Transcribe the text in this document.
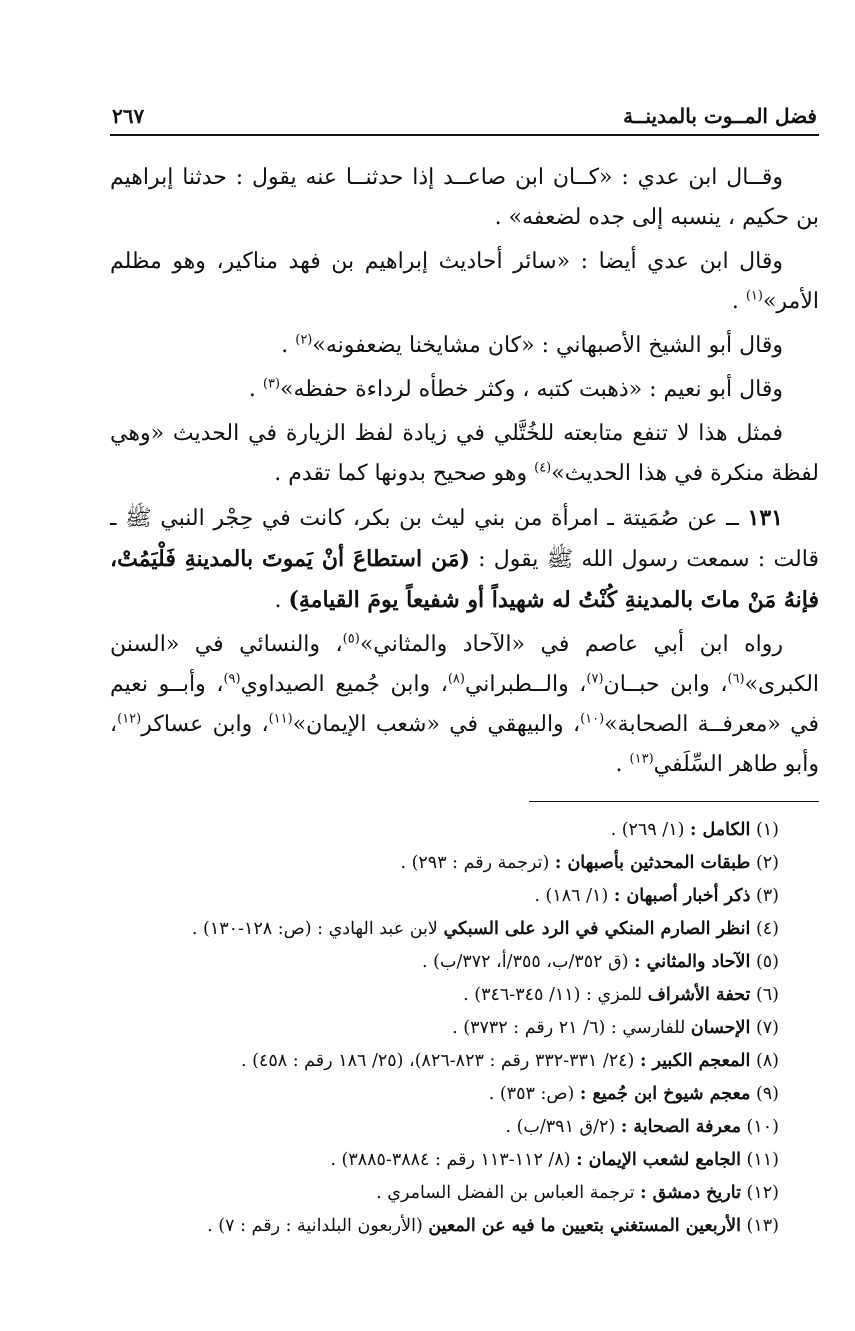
فضل المــوت بالمدينــة
٢٦٧

وقــال ابن عدي : «كــان ابن صاعــد إذا حدثنــا عنه يقول : حدثنا إبراهيم بن حكيم ، ينسبه إلى جده لضعفه» .

وقال ابن عدي أيضا : «سائر أحاديث إبراهيم بن فهد مناكير، وهو مظلم الأمر»$^{(١)}$ .

وقال أبو الشيخ الأصبهاني : «كان مشايخنا يضعفونه»$^{(٢)}$ .

وقال أبو نعيم : «ذهبت كتبه ، وكثر خطأه لرداءة حفظه»$^{(٣)}$ .

فمثل هذا لا تنفع متابعته للخُتَّلي في زيادة لفظ الزيارة في الحديث «وهي لفظة منكرة في هذا الحديث»$^{(٤)}$ وهو صحيح بدونها كما تقدم .

١٣١ ــ عن صُمَيتة ـ امرأة من بني ليث بن بكر، كانت في حِجْر النبي ﷺ ـ قالت : سمعت رسول الله ﷺ يقول : (مَن استطاعَ أنْ يَموتَ بالمدينةِ فَلْيَمُتْ، فإنهُ مَنْ ماتَ بالمدينةِ كُنْتُ له شهيداً أو شفيعاً يومَ القيامةِ) .

رواه ابن أبي عاصم في «الآحاد والمثاني»$^{(٥)}$، والنسائي في «السنن الكبرى»$^{(٦)}$، وابن حبــان$^{(٧)}$، والــطبراني$^{(٨)}$، وابن جُميع الصيداوي$^{(٩)}$، وأبــو نعيم في «معرفــة الصحابة»$^{(١٠)}$، والبيهقي في «شعب الإيمان»$^{(١١)}$، وابن عساكر$^{(١٢)}$، وأبو طاهر السِّلَفي$^{(١٣)}$ .

(١) الكامل : (١/ ٢٦٩) .
(٢) طبقات المحدثين بأصبهان : (ترجمة رقم : ٢٩٣) .
(٣) ذكر أخبار أصبهان : (١/ ١٨٦) .
(٤) انظر الصارم المنكي في الرد على السبكي لابن عبد الهادي : (ص: ١٢٨-١٣٠) .
(٥) الآحاد والمثاني : (ق ٣٥٢/ب، ٣٥٥/أ، ٣٧٢/ب) .
(٦) تحفة الأشراف للمزي : (١١/ ٣٤٥-٣٤٦) .
(٧) الإحسان للفارسي : (٦/ ٢١ رقم : ٣٧٣٢) .
(٨) المعجم الكبير : (٢٤/ ٣٣١-٣٣٢ رقم : ٨٢٣-٨٢٦)، (٢٥/ ١٨٦ رقم : ٤٥٨) .
(٩) معجم شيوخ ابن جُميع : (ص: ٣٥٣) .
(١٠) معرفة الصحابة : (٢/ق ٣٩١/ب) .
(١١) الجامع لشعب الإيمان : (٨/ ١١٢-١١٣ رقم : ٣٨٨٤-٣٨٨٥) .
(١٢) تاريخ دمشق : ترجمة العباس بن الفضل السامري .
(١٣) الأربعين المستغني بتعيين ما فيه عن المعين (الأربعون البلدانية : رقم : ٧) .
